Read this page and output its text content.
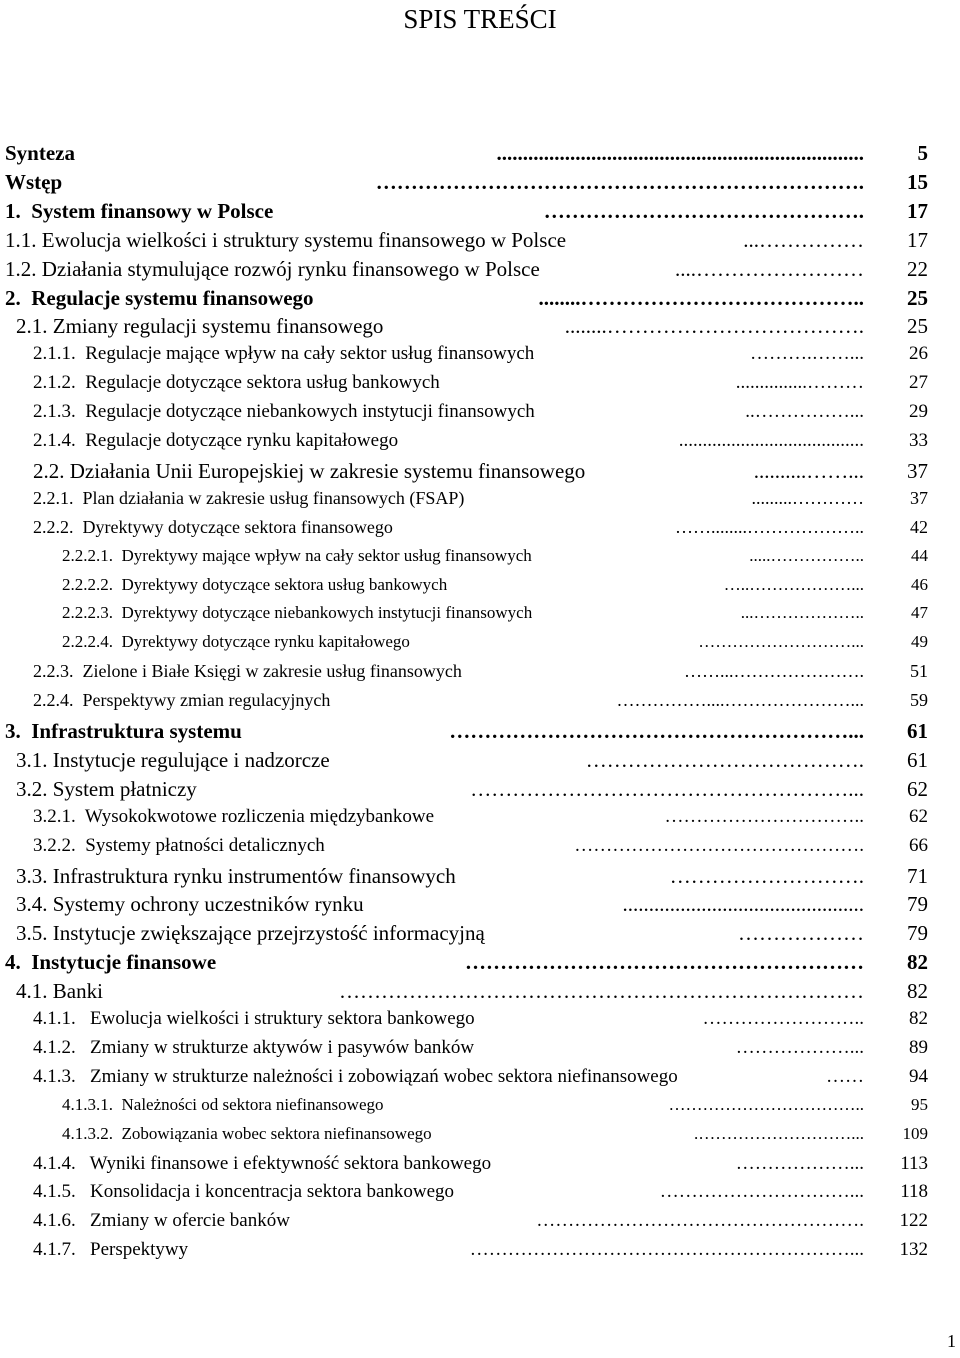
SPIS TREŚCI
Synteza	......................................................................	5
Wstęp	…………………………………………………………….	15
1.  System finansowy w Polsce	……………………………………….	17
1.1. Ewolucja wielkości i struktury systemu finansowego w Polsce	...……………	17
1.2. Działania stymulujące rozwój rynku finansowego w Polsce	....……………………	22
2.  Regulacje systemu finansowego	........…………………………………..	25
2.1. Zmiany regulacji systemu finansowego	........……………………………….	25
2.1.1.  Regulacje mające wpływ na cały sektor usług finansowych	……….……...	26
2.1.2.  Regulacje dotyczące sektora usług bankowych	...............………	27
2.1.3.  Regulacje dotyczące niebankowych instytucji finansowych	..……………...	29
2.1.4.  Regulacje dotyczące rynku kapitałowego	.......................................	33
2.2. Działania Unii Europejskiej w zakresie systemu finansowego	..........……...	37
2.2.1.  Plan działania w zakresie usług finansowych (FSAP)	.........…………	37
2.2.2.  Dyrektywy dotyczące sektora finansowego	……........………………..	42
2.2.2.1.  Dyrektywy mające wpływ na cały sektor usług finansowych	.....……………..	44
2.2.2.2.  Dyrektywy dotyczące sektora usług bankowych	…..………………...	46
2.2.2.3.  Dyrektywy dotyczące niebankowych instytucji finansowych	...………………..	47
2.2.2.4.  Dyrektywy dotyczące rynku kapitałowego	………………………...	49
2.2.3.  Zielone i Białe Księgi w zakresie usług finansowych	……...………………….	51
2.2.4.  Perspektywy zmian regulacyjnych	……………....…………………...	59
3.  Infrastruktura systemu	…………………………………………………...	61
3.1. Instytucje regulujące i nadzorcze	………………………………….	61
3.2. System płatniczy	………………………………………………...	62
3.2.1.  Wysokokwotowe rozliczenia międzybankowe	…………………………..	62
3.2.2.  Systemy płatności detalicznych	……………………………………….	66
3.3. Infrastruktura rynku instrumentów finansowych	……………………….	71
3.4. Systemy ochrony uczestników rynku	..............................................	79
3.5. Instytucje zwiększające przejrzystość informacyjną	………………	79
4.  Instytucje finansowe	…………………………………………………	82
4.1. Banki	…………………………………………………………………	82
4.1.1.   Ewolucja wielkości i struktury sektora bankowego	……………………..	82
4.1.2.   Zmiany w strukturze aktywów i pasywów banków	………………...	89
4.1.3.   Zmiany w strukturze należności i zobowiązań wobec sektora niefinansowego	……	94
4.1.3.1.  Należności od sektora niefinansowego	……………………………..	95
4.1.3.2.  Zobowiązania wobec sektora niefinansowego	.………………………...	109
4.1.4.   Wyniki finansowe i efektywność sektora bankowego	………………...	113
4.1.5.   Konsolidacja i koncentracja sektora bankowego	…………………………...	118
4.1.6.   Zmiany w ofercie banków	…………………………………………….	122
4.1.7.   Perspektywy	……………………………………………………...	132
1
